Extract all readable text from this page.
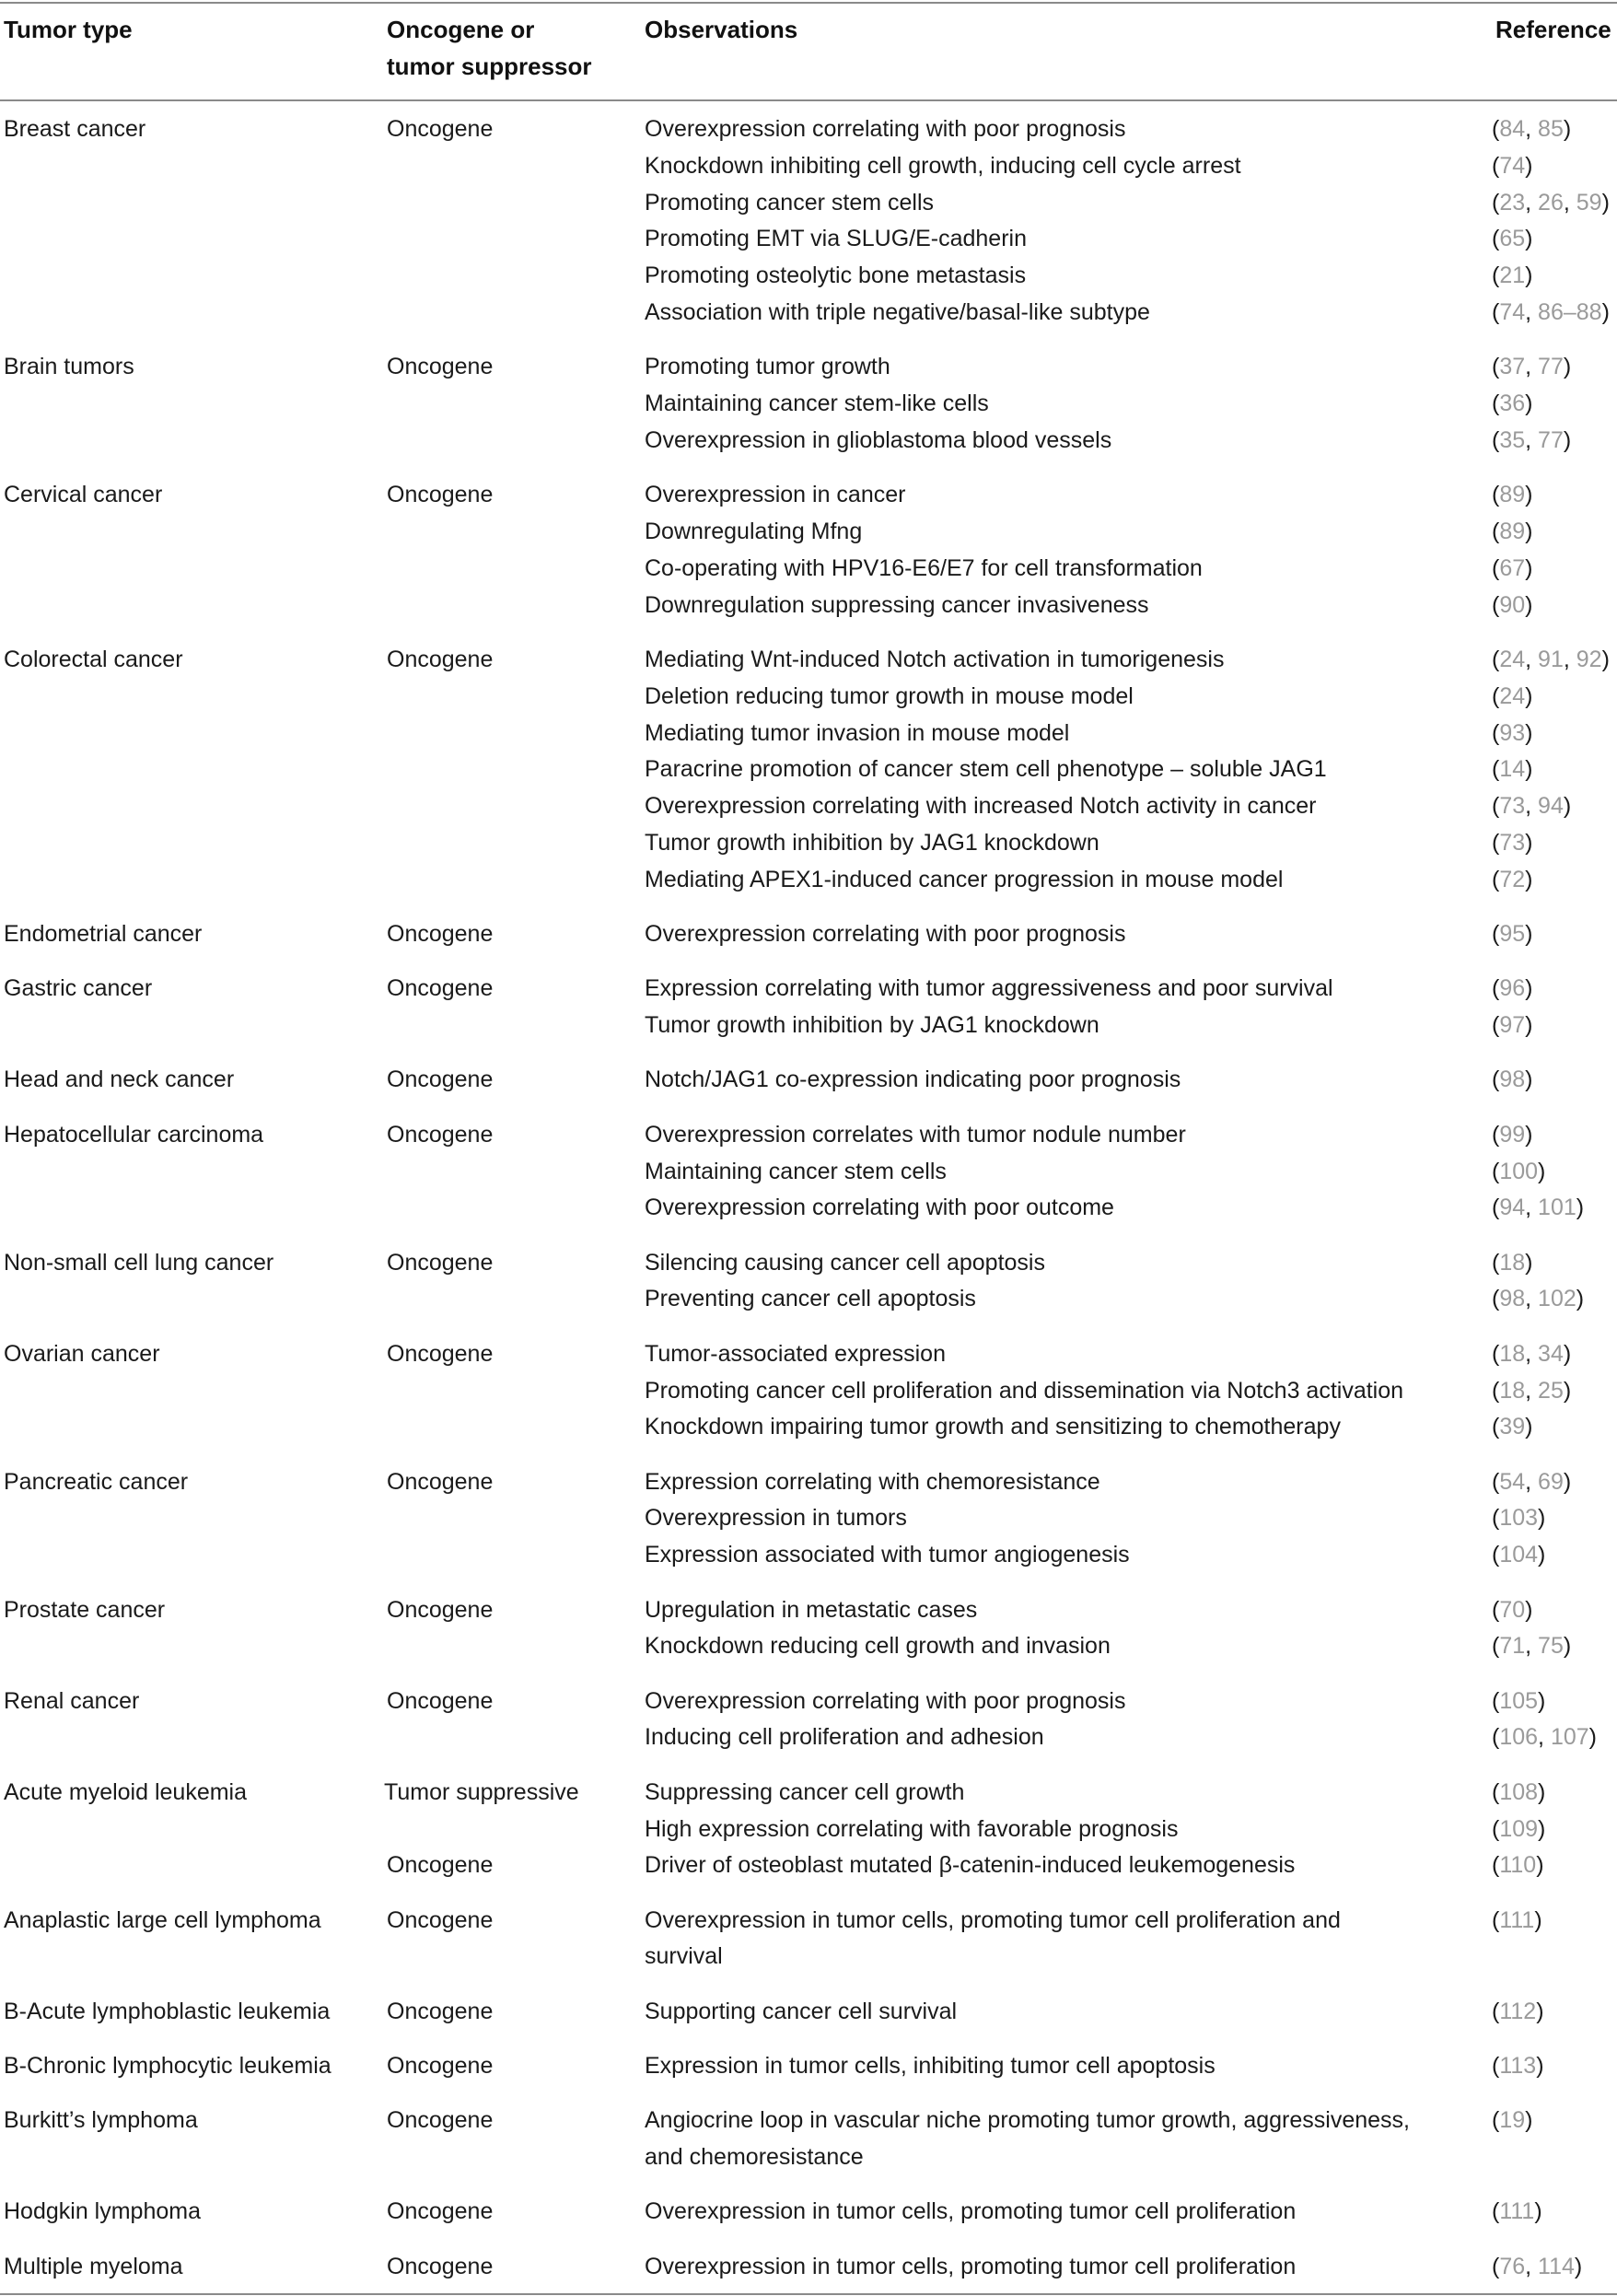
Tumor type	Oncogene or
tumor suppressor
Observations	Reference
Breast cancer	Oncogene	Overexpression correlating with poor prognosis	(84, 85)
Knockdown inhibiting cell growth, inducing cell cycle arrest	(74)
Promoting cancer stem cells	(23, 26, 59)
Promoting EMT via SLUG/E-cadherin	(65)
Promoting osteolytic bone metastasis	(21)
Association with triple negative/basal-like subtype	(74, 86–88)
Brain tumors	Oncogene	Promoting tumor growth	(37, 77)
Maintaining cancer stem-like cells	(36)
Overexpression in glioblastoma blood vessels	(35, 77)
Cervical cancer	Oncogene	Overexpression in cancer	(89)
Downregulating Mfng	(89)
Co-operating with HPV16-E6/E7 for cell transformation	(67)
Downregulation suppressing cancer invasiveness	(90)
Colorectal cancer	Oncogene	Mediating Wnt-induced Notch activation in tumorigenesis	(24, 91, 92)
Deletion reducing tumor growth in mouse model	(24)
Mediating tumor invasion in mouse model	(93)
Paracrine promotion of cancer stem cell phenotype – soluble JAG1	(14)
Overexpression correlating with increased Notch activity in cancer	(73, 94)
Tumor growth inhibition by JAG1 knockdown	(73)
Mediating APEX1-induced cancer progression in mouse model	(72)
Endometrial cancer	Oncogene	Overexpression correlating with poor prognosis	(95)
Gastric cancer	Oncogene	Expression correlating with tumor aggressiveness and poor survival	(96)
Tumor growth inhibition by JAG1 knockdown	(97)
Head and neck cancer	Oncogene	Notch/JAG1 co-expression indicating poor prognosis	(98)
Hepatocellular carcinoma	Oncogene	Overexpression correlates with tumor nodule number	(99)
Maintaining cancer stem cells	(100)
Overexpression correlating with poor outcome	(94, 101)
Non-small cell lung cancer	Oncogene	Silencing causing cancer cell apoptosis	(18)
Preventing cancer cell apoptosis	(98, 102)
Ovarian cancer	Oncogene	Tumor-associated expression	(18, 34)
Promoting cancer cell proliferation and dissemination via Notch3 activation	(18, 25)
Knockdown impairing tumor growth and sensitizing to chemotherapy	(39)
Pancreatic cancer	Oncogene	Expression correlating with chemoresistance	(54, 69)
Overexpression in tumors	(103)
Expression associated with tumor angiogenesis	(104)
Prostate cancer	Oncogene	Upregulation in metastatic cases	(70)
Knockdown reducing cell growth and invasion	(71, 75)
Renal cancer	Oncogene	Overexpression correlating with poor prognosis	(105)
Inducing cell proliferation and adhesion	(106, 107)
Acute myeloid leukemia	Tumor suppressive	Suppressing cancer cell growth	(108)
High expression correlating with favorable prognosis	(109)
Oncogene	Driver of osteoblast mutated β-catenin-induced leukemogenesis	(110)
Anaplastic large cell lymphoma	Oncogene	Overexpression in tumor cells, promoting tumor cell proliferation and	(111)
survival
B-Acute lymphoblastic leukemia Oncogene	Supporting cancer cell survival	(112)
B-Chronic lymphocytic leukemia Oncogene	Expression in tumor cells, inhibiting tumor cell apoptosis	(113)
Burkitt’s lymphoma	Oncogene	Angiocrine loop in vascular niche promoting tumor growth, aggressiveness,	(19)
and chemoresistance
Hodgkin lymphoma	Oncogene	Overexpression in tumor cells, promoting tumor cell proliferation	(111)
Multiple myeloma	Oncogene	Overexpression in tumor cells, promoting tumor cell proliferation	(76, 114)
